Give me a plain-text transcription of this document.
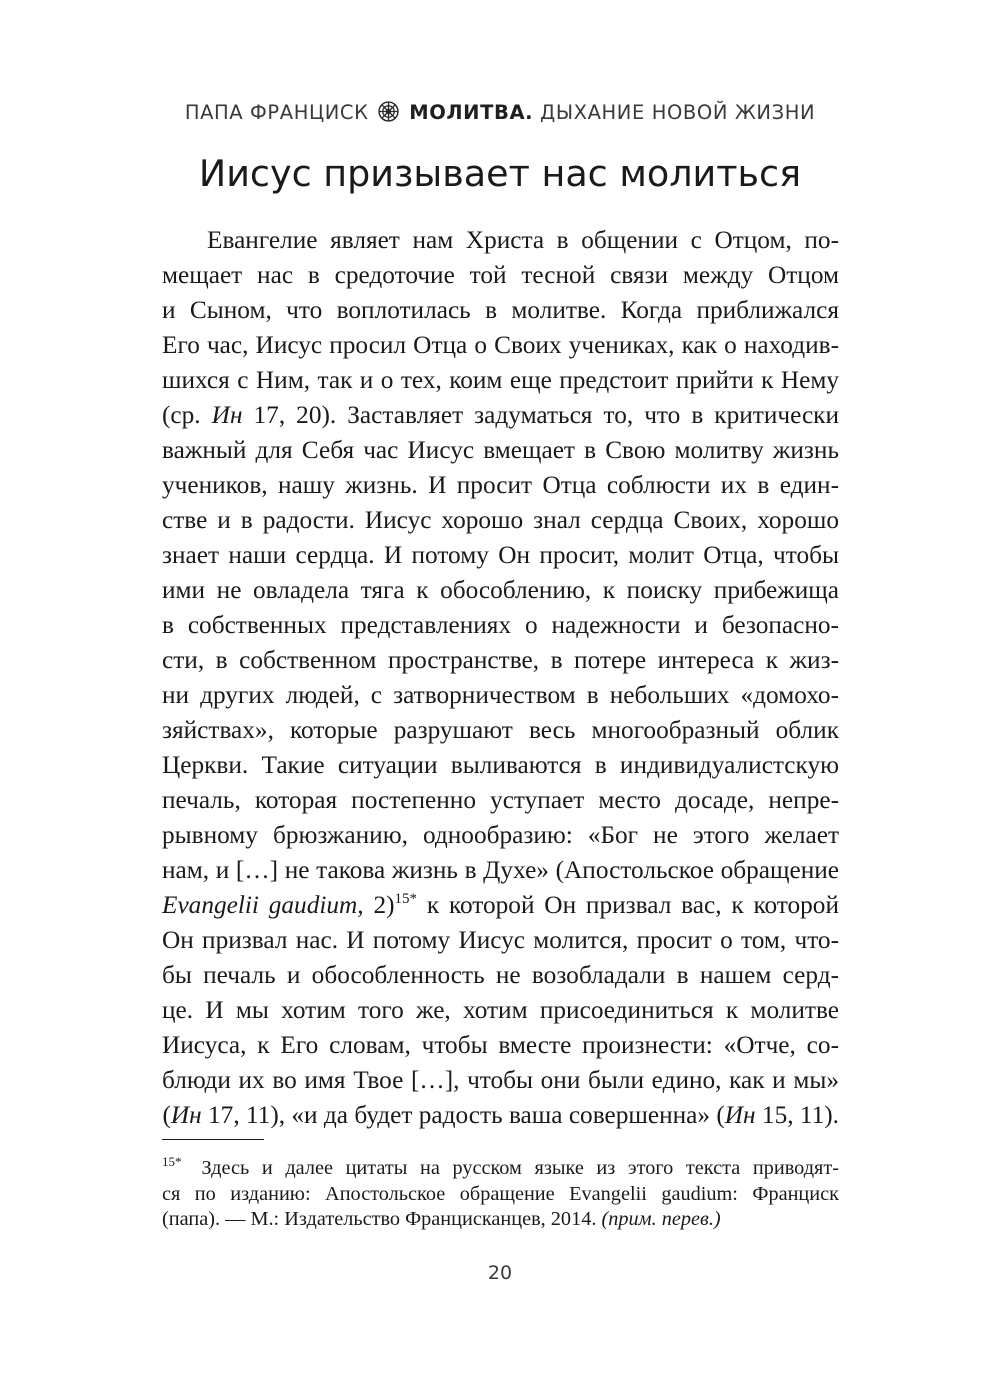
ПАПА ФРАНЦИСК МОЛИТВА. ДЫХАНИЕ НОВОЙ ЖИЗНИ
Иисус призывает нас молиться
Евангелие являет нам Христа в общении с Отцом, по-
мещает нас в средоточие той тесной связи между Отцом
и Сыном, что воплотилась в молитве. Когда приближался
Его час, Иисус просил Отца о Своих учениках, как о находив-
шихся с Ним, так и о тех, коим еще предстоит прийти к Нему
(ср. Ин 17, 20). Заставляет задуматься то, что в критически
важный для Себя час Иисус вмещает в Свою молитву жизнь
учеников, нашу жизнь. И просит Отца соблюсти их в един-
стве и в радости. Иисус хорошо знал сердца Своих, хорошо
знает наши сердца. И потому Он просит, молит Отца, чтобы
ими не овладела тяга к обособлению, к поиску прибежища
в собственных представлениях о надежности и безопасно-
сти, в собственном пространстве, в потере интереса к жиз-
ни других людей, с затворничеством в небольших «домохо-
зяйствах», которые разрушают весь многообразный облик
Церкви. Такие ситуации выливаются в индивидуалистскую
печаль, которая постепенно уступает место досаде, непре-
рывному брюзжанию, однообразию: «Бог не этого желает
нам, и […] не такова жизнь в Духе» (Апостольское обращение
Evangelii gaudium, 2)$^{15*}$ к которой Он призвал вас, к которой
Он призвал нас. И потому Иисус молится, просит о том, что-
бы печаль и обособленность не возобладали в нашем серд-
це. И мы хотим того же, хотим присоединиться к молитве
Иисуса, к Его словам, чтобы вместе произнести: «Отче, со-
блюди их во имя Твое […], чтобы они были едино, как и мы»
(Ин 17, 11), «и да будет радость ваша совершенна» (Ин 15, 11).
$^{15*}$ Здесь и далее цитаты на русском языке из этого текста приводят-
ся по изданию: Апостольское обращение Evangelii gaudium: Франциск
(папа). — М.: Издательство Францисканцев, 2014. (прим. перев.)
20
